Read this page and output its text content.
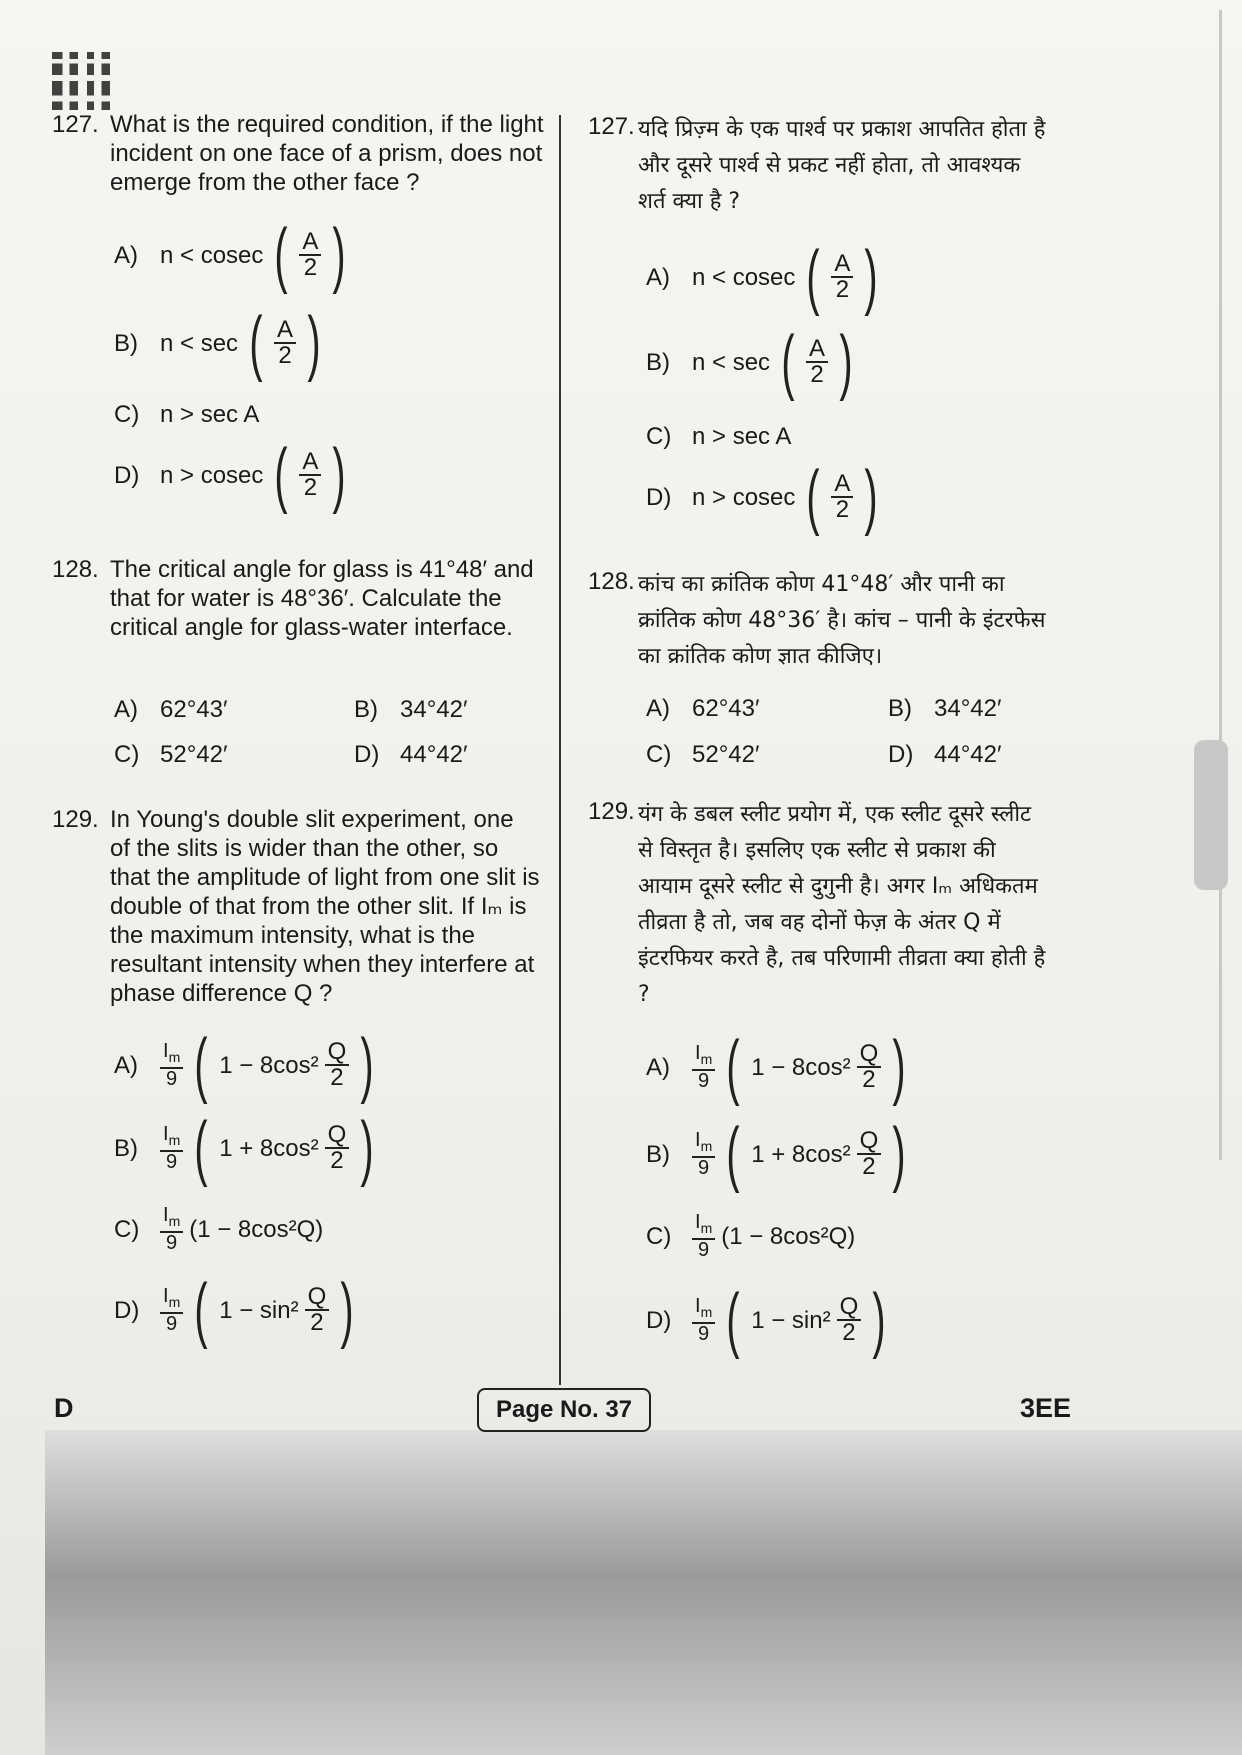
127. What is the required condition, if the light incident on one face of a prism, does not emerge from the other face ?
A) n < cosec ( $\frac{A}{2}$ )
B) n < sec ( $\frac{A}{2}$ )
C) n > sec A
D) n > cosec ( $\frac{A}{2}$ )
128. The critical angle for glass is 41°48′ and that for water is 48°36′. Calculate the critical angle for glass-water interface.
A) 62°43′	B) 34°42′
C) 52°42′	D) 44°42′
129. In Young's double slit experiment, one of the slits is wider than the other, so that the amplitude of light from one slit is double of that from the other slit. If Iₘ is the maximum intensity, what is the resultant intensity when they interfere at phase difference Q ?
A)	$\frac{I_m}{9}$ ( $1 - 8\cos^2 \frac{Q}{2}$ )
B)	$\frac{I_m}{9}$ ( $1 + 8\cos^2 \frac{Q}{2}$ )
C)	$\frac{I_m}{9} (1 - 8\cos^2Q)$
D)	$\frac{I_m}{9}$ ( $1 - \sin^2 \frac{Q}{2}$ )
127. यदि प्रिज़्म के एक पार्श्व पर प्रकाश आपतित होता है और दूसरे पार्श्व से प्रकट नहीं होता, तो आवश्यक शर्त क्या है ?
A) n < cosec ( $\frac{A}{2}$ )
B) n < sec ( $\frac{A}{2}$ )
C) n > sec A
D) n > cosec ( $\frac{A}{2}$ )
128. कांच का क्रांतिक कोण 41°48′ और पानी का क्रांतिक कोण 48°36′ है। कांच – पानी के इंटरफेस का क्रांतिक कोण ज्ञात कीजिए।
A) 62°43′	B) 34°42′
C) 52°42′	D) 44°42′
129. यंग के डबल स्लीट प्रयोग में, एक स्लीट दूसरे स्लीट से विस्तृत है। इसलिए एक स्लीट से प्रकाश की आयाम दूसरे स्लीट से दुगुनी है। अगर Iₘ अधिकतम तीव्रता है तो, जब वह दोनों फेज़ के अंतर Q में इंटरफियर करते है, तब परिणामी तीव्रता क्या होती है ?
A)	$\frac{I_m}{9}$ ( $1 - 8\cos^2 \frac{Q}{2}$ )
B)	$\frac{I_m}{9}$ ( $1 + 8\cos^2 \frac{Q}{2}$ )
C)	$\frac{I_m}{9} (1 - 8\cos^2Q)$
D)	$\frac{I_m}{9}$ ( $1 - \sin^2 \frac{Q}{2}$ )
D	Page No. 37	3EE
